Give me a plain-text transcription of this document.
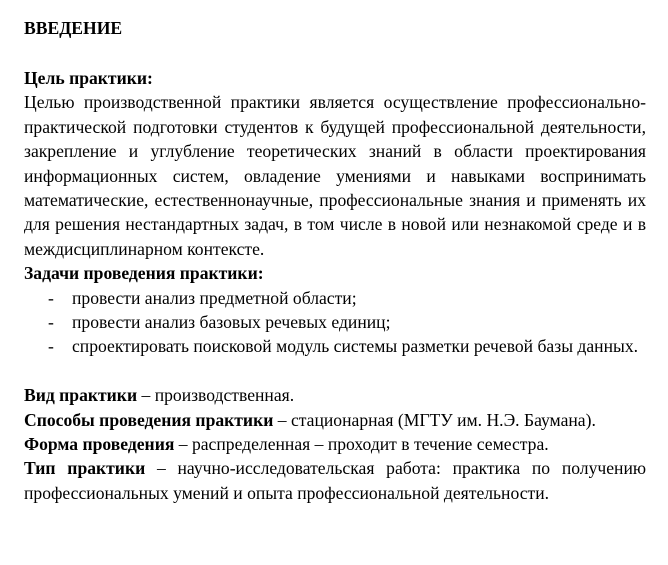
ВВЕДЕНИЕ

Цель практики:

Целью производственной практики является осуществление профессионально-практической подготовки студентов к будущей профессиональной деятельности, закрепление и углубление теоретических знаний в области проектирования информационных систем, овладение умениями и навыками воспринимать математические, естественнонаучные, профессиональные знания и применять их для решения нестандартных задач, в том числе в новой или незнакомой среде и в междисциплинарном контексте.

Задачи проведения практики:

- провести анализ предметной области;
- провести анализ базовых речевых единиц;
- спроектировать поисковой модуль системы разметки речевой базы данных.

Вид практики – производственная.

Способы проведения практики – стационарная (МГТУ им. Н.Э. Баумана).

Форма проведения – распределенная – проходит в течение семестра.

Тип практики – научно-исследовательская работа: практика по получению профессиональных умений и опыта профессиональной деятельности.
